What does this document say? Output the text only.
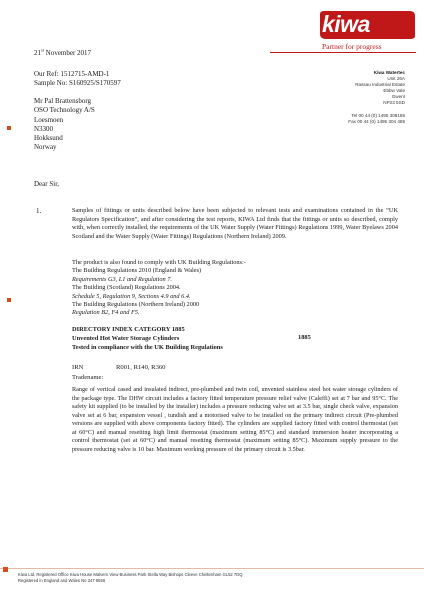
kiwa
Partner for progress
21st November 2017
Our Ref: 1512715-AMD-1
Sample No: S160925/S170597
Mr Pal Brattensborg
OSO Technology A/S
Loesmoen
N3300
Hokksund
Norway
Kiwa Watertec
Unit 26A
Rassau Industrial Estate
Ebbw Vale
Gwent
NP23 5SD
Tel 00 44 (0) 1495 308185
Fax 00 44 (0) 1495 304 485
Dear Sir,
1.	Samples of fittings or units described below have been subjected to relevant tests and examinations contained in the “UK Regulators Specification”, and after considering the test reports, KIWA Ltd finds that the fittings or units so described, comply with, when correctly installed, the requirements of the UK Water Supply (Water Fittings) Regulations 1999, Water Byelaws 2004 Scotland and the Water Supply (Water Fittings) Regulations (Northern Ireland) 2009.
The product is also found to comply with UK Building Regulations:-
The Building Regulations 2010 (England & Wales)
Requirements G3, L1 and Regulation 7.
The Building (Scotland) Regulations 2004.
Schedule 5, Regulation 9, Sections 4.9 and 6.4.
The Building Regulations (Northern Ireland) 2000
Regulation B2, F4 and F5.
DIRECTORY INDEX CATEGORY 1885
Unvented Hot Water Storage Cylinders
Tested in compliance with the UK Building Regulations
1885
IRN	R001, R140, R360
Tradename:
Range of vertical cased and insulated indirect, pre-plumbed and twin coil, unvented stainless steel hot water storage cylinders of the package type. The DHW circuit includes a factory fitted temperature pressure relief valve (Caleffi) set at 7 bar and 95°C. The safety kit supplied (to be installed by the installer) includes a pressure reducing valve set at 3.5 bar, single check valve, expansion valve set at 6 bar, expansion vessel , tundish and a motorised valve to be installed on the primary indirect circuit (Pre-plumbed versions are supplied with above components factory fitted). The cylinders are supplied factory fitted with control thermostat (set at 60°C) and manual resetting high limit thermostat (maximum setting 85°C) and standard immersion heater incorporating a control thermostat (set at 60°C) and manual resetting thermostat (maximum setting 85°C). Maximum supply pressure to the pressure reducing valve is 10 bar. Maximum working pressure of the primary circuit is 3.5bar.
Kiwa Ltd. Registered Office Kiwa House Malvern View Business Park Stella Way Bishops Cleeve Cheltenham GL52 7DQ
Registered in England and Wales No 347 8556
